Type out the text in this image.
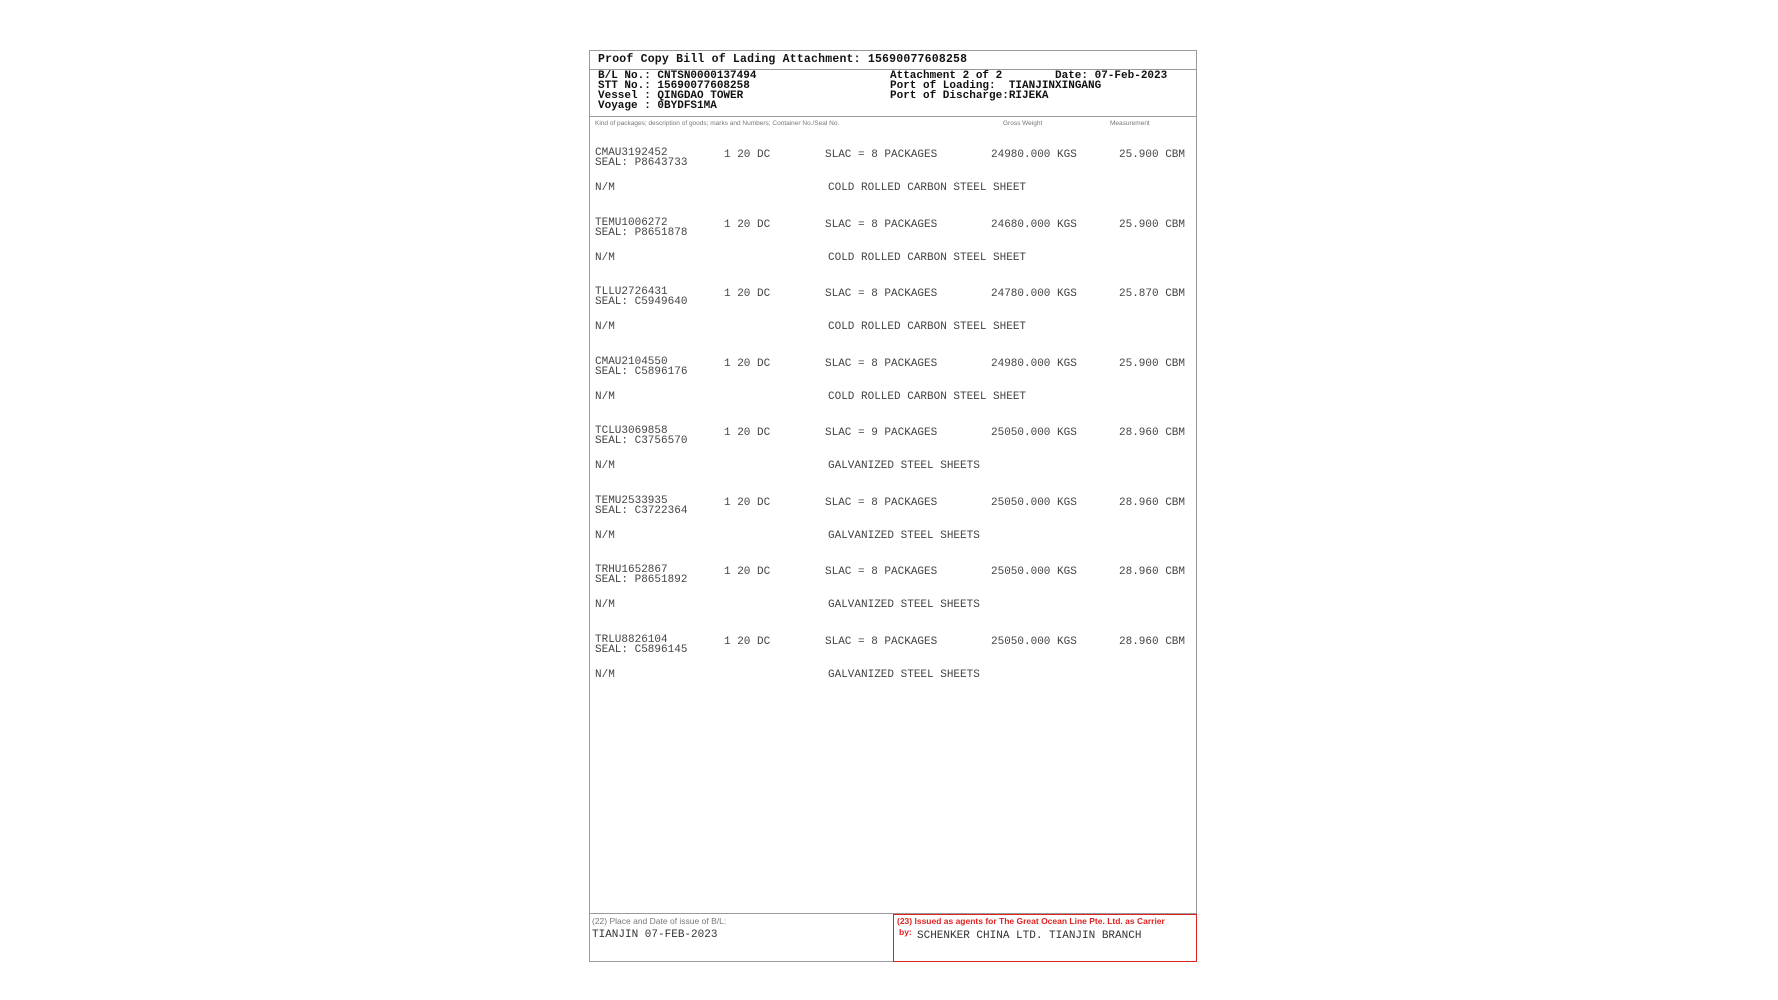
Proof Copy Bill of Lading Attachment: 15690077608258
B/L No.: CNTSN0000137494
STT No.: 15690077608258
Vessel : QINGDAO TOWER
Voyage : 0BYDFS1MA
Attachment 2 of 2	Date: 07-Feb-2023
Port of Loading:  TIANJINXINGANG
Port of Discharge:RIJEKA
Kind of packages; description of goods; marks and Numbers; Container No./Seal No.	Gross Weight	Measurement
CMAU3192452
SEAL: P8643733
1 20 DC	SLAC = 8 PACKAGES	24980.000 KGS	25.900 CBM
N/M	COLD ROLLED CARBON STEEL SHEET
TEMU1006272
SEAL: P8651878
1 20 DC	SLAC = 8 PACKAGES	24680.000 KGS	25.900 CBM
N/M	COLD ROLLED CARBON STEEL SHEET
TLLU2726431
SEAL: C5949640
1 20 DC	SLAC = 8 PACKAGES	24780.000 KGS	25.870 CBM
N/M	COLD ROLLED CARBON STEEL SHEET
CMAU2104550
SEAL: C5896176
1 20 DC	SLAC = 8 PACKAGES	24980.000 KGS	25.900 CBM
N/M	COLD ROLLED CARBON STEEL SHEET
TCLU3069858
SEAL: C3756570
1 20 DC	SLAC = 9 PACKAGES	25050.000 KGS	28.960 CBM
N/M	GALVANIZED STEEL SHEETS
TEMU2533935
SEAL: C3722364
1 20 DC	SLAC = 8 PACKAGES	25050.000 KGS	28.960 CBM
N/M	GALVANIZED STEEL SHEETS
TRHU1652867
SEAL: P8651892
1 20 DC	SLAC = 8 PACKAGES	25050.000 KGS	28.960 CBM
N/M	GALVANIZED STEEL SHEETS
TRLU8826104
SEAL: C5896145
1 20 DC	SLAC = 8 PACKAGES	25050.000 KGS	28.960 CBM
N/M	GALVANIZED STEEL SHEETS
(22) Place and Date of issue of B/L:
TIANJIN 07-FEB-2023
(23) Issued as agents for The Great Ocean Line Pte. Ltd. as Carrier
by: SCHENKER CHINA LTD. TIANJIN BRANCH
